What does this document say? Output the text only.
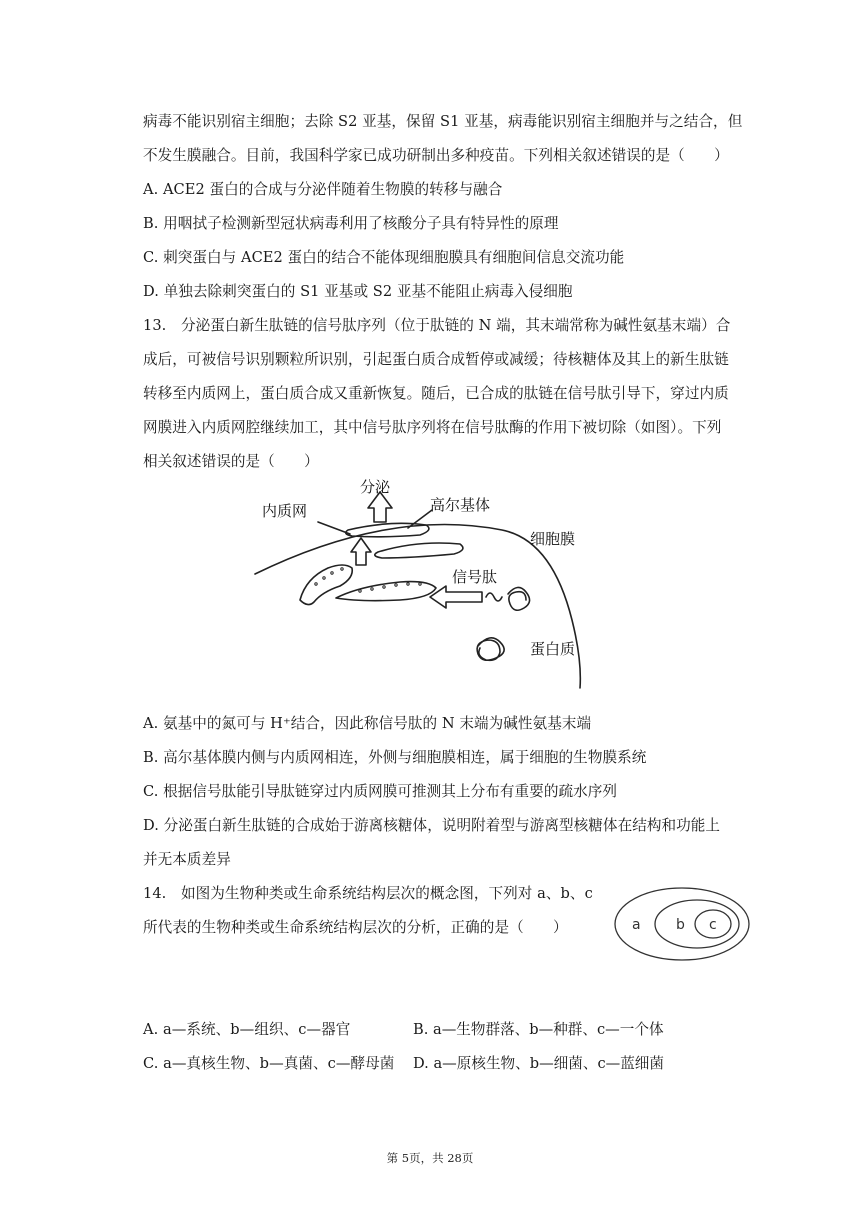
病毒不能识别宿主细胞；去除 S2 亚基，保留 S1 亚基，病毒能识别宿主细胞并与之结合，但
不发生膜融合。目前，我国科学家已成功研制出多种疫苗。下列相关叙述错误的是（　　）
A. ACE2 蛋白的合成与分泌伴随着生物膜的转移与融合
B. 用咽拭子检测新型冠状病毒利用了核酸分子具有特异性的原理
C. 刺突蛋白与 ACE2 蛋白的结合不能体现细胞膜具有细胞间信息交流功能
D. 单独去除刺突蛋白的 S1 亚基或 S2 亚基不能阻止病毒入侵细胞
13.　分泌蛋白新生肽链的信号肽序列（位于肽链的 N 端，其末端常称为碱性氨基末端）合
成后，可被信号识别颗粒所识别，引起蛋白质合成暂停或减缓；待核糖体及其上的新生肽链
转移至内质网上，蛋白质合成又重新恢复。随后，已合成的肽链在信号肽引导下，穿过内质
网膜进入内质网腔继续加工，其中信号肽序列将在信号肽酶的作用下被切除（如图）。下列
相关叙述错误的是（　　）
分泌
高尔基体
内质网
细胞膜
信号肽
蛋白质
A. 氨基中的氮可与 H⁺结合，因此称信号肽的 N 末端为碱性氨基末端
B. 高尔基体膜内侧与内质网相连，外侧与细胞膜相连，属于细胞的生物膜系统
C. 根据信号肽能引导肽链穿过内质网膜可推测其上分布有重要的疏水序列
D. 分泌蛋白新生肽链的合成始于游离核糖体，说明附着型与游离型核糖体在结构和功能上
并无本质差异
14.　如图为生物种类或生命系统结构层次的概念图，下列对 a、b、c
所代表的生物种类或生命系统结构层次的分析，正确的是（　　）	a	b c
A. a—系统、b—组织、c—器官	B. a—生物群落、b—种群、c—一个体
C. a—真核生物、b—真菌、c—酵母菌 D. a—原核生物、b—细菌、c—蓝细菌
第 5页，共 28页
